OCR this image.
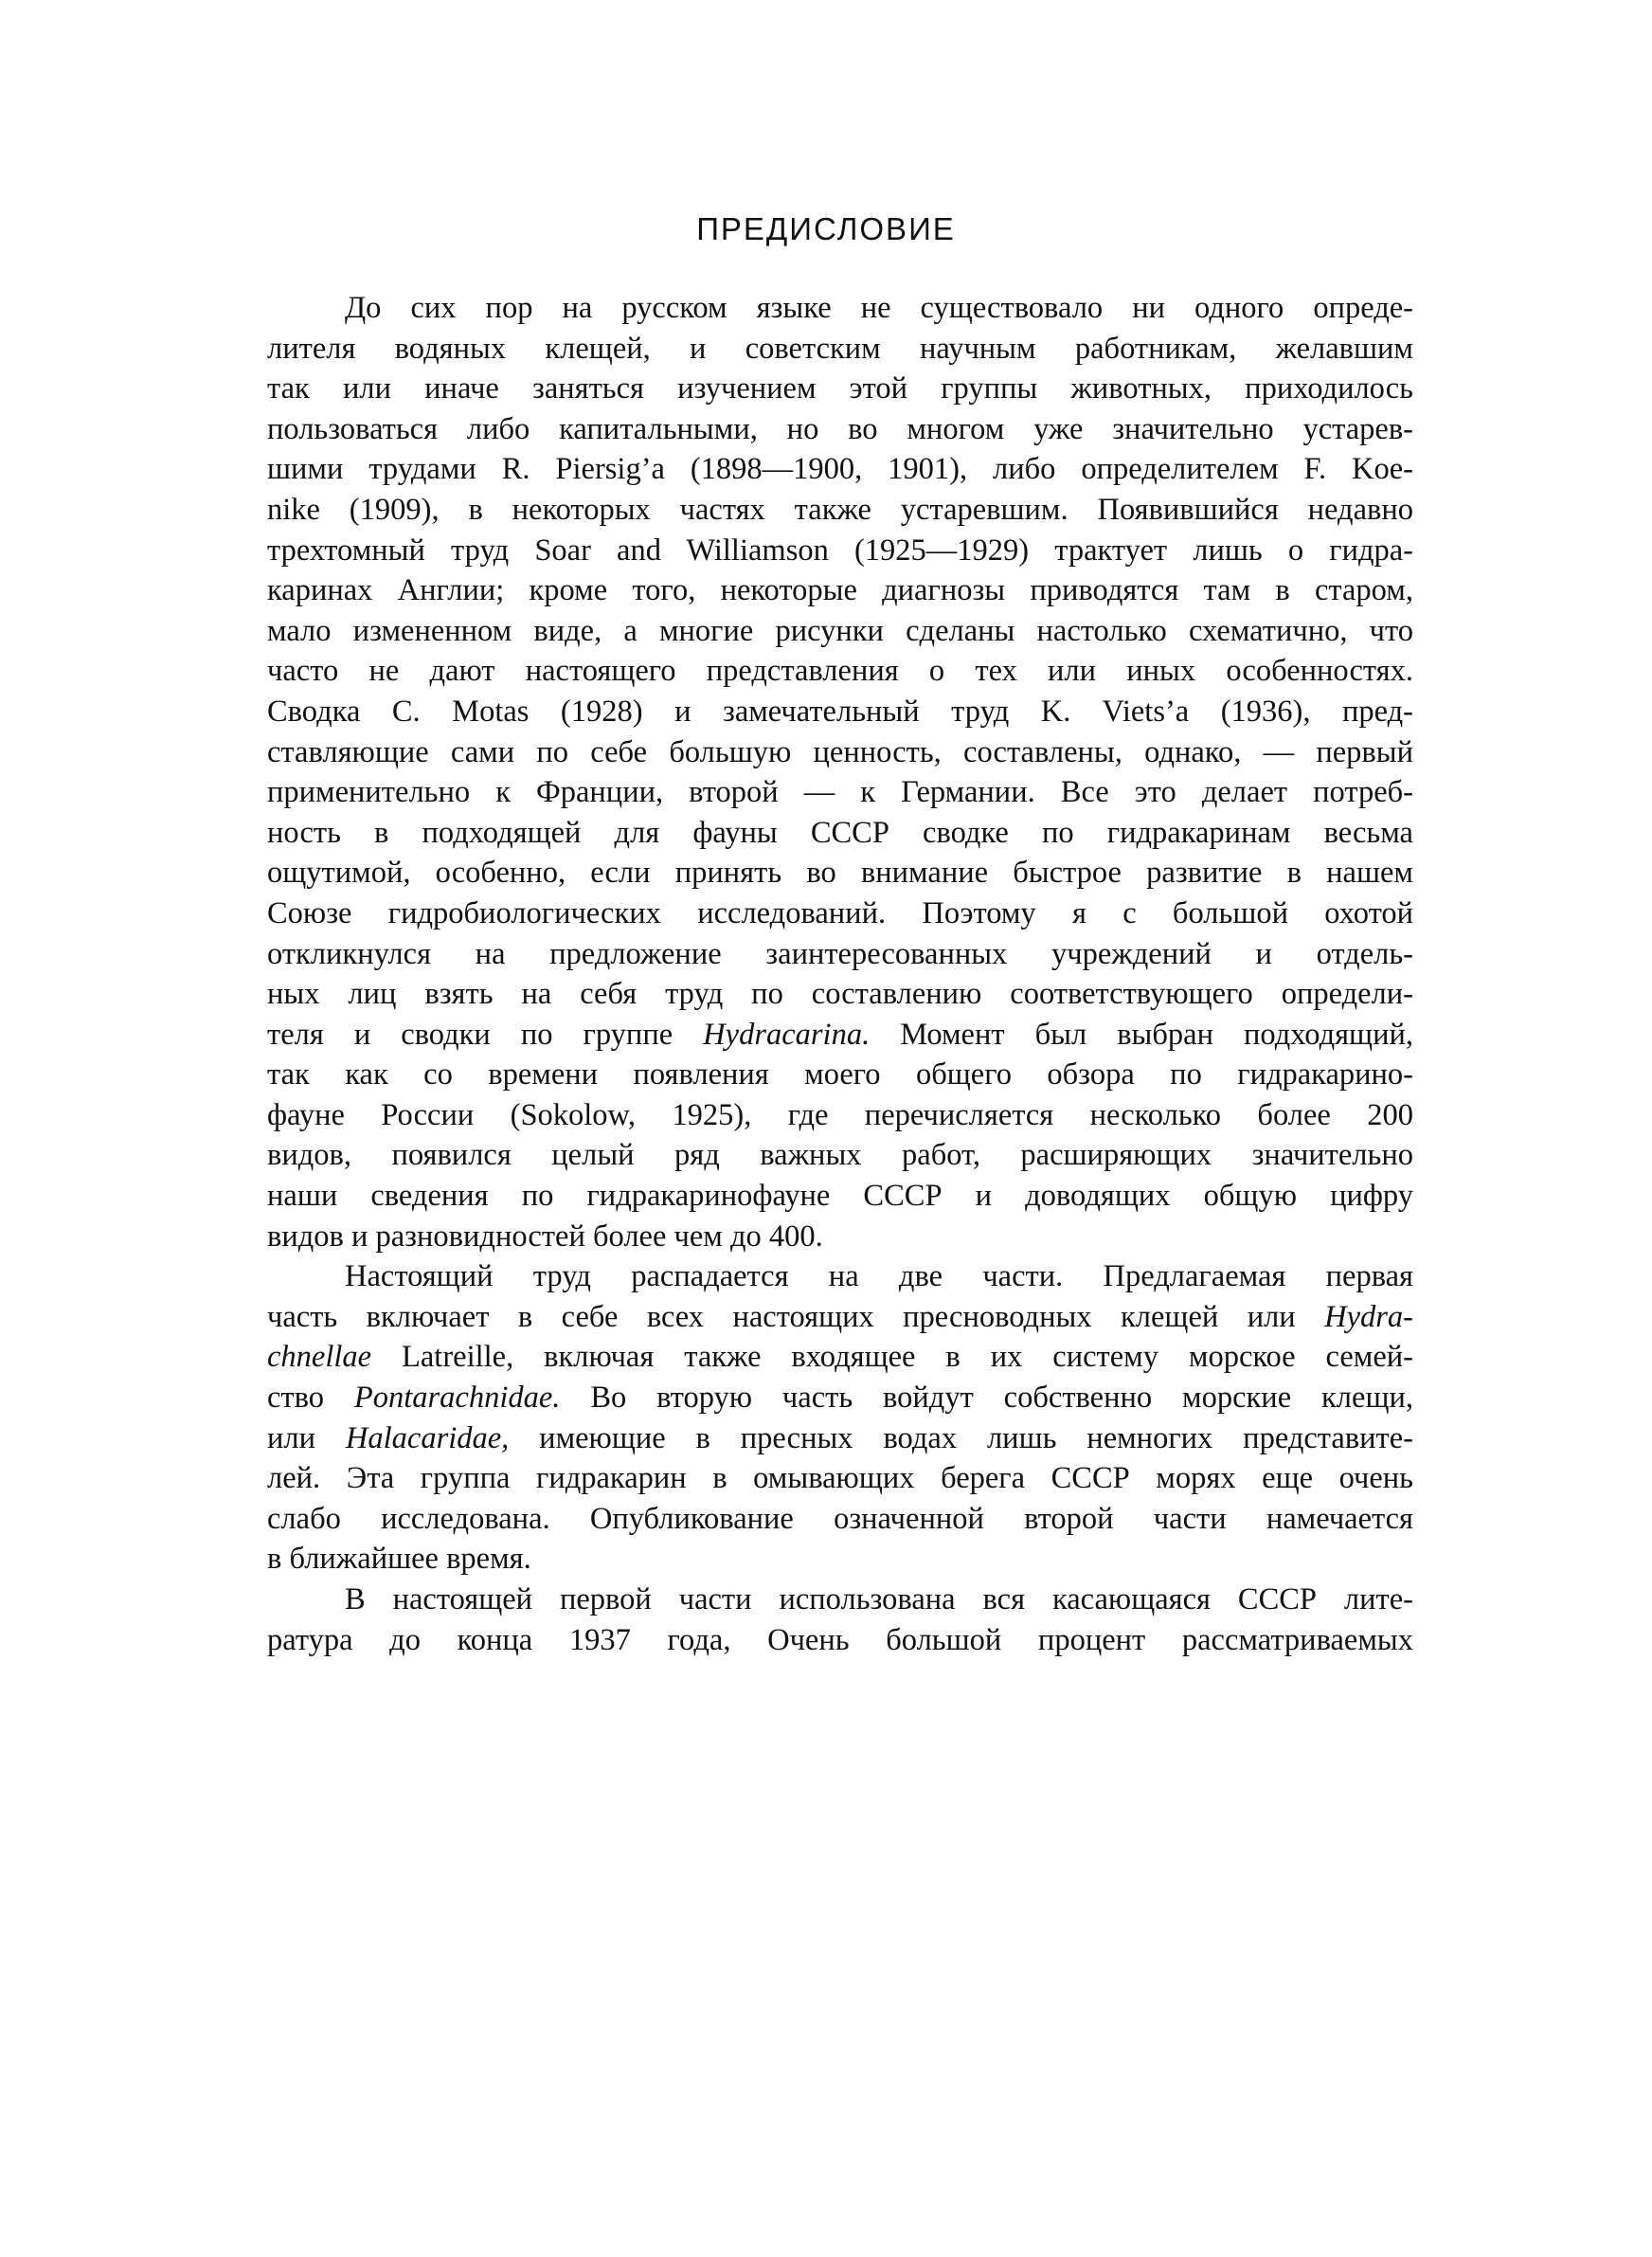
ПРЕДИСЛОВИЕ

До сих пор на русском языке не существовало ни одного опреде-
лителя водяных клещей, и советским научным работникам, желавшим
так или иначе заняться изучением этой группы животных, приходилось
пользоваться либо капитальными, но во многом уже значительно устарев-
шими трудами R. Piersig’a (1898—1900, 1901), либо определителем F. Koe-
nike (1909), в некоторых частях также устаревшим. Появившийся недавно
трехтомный труд Soar and Williamson (1925—1929) трактует лишь о гидра-
каринах Англии; кроме того, некоторые диагнозы приводятся там в старом,
мало измененном виде, а многие рисунки сделаны настолько схематично, что
часто не дают настоящего представления о тех или иных особенностях.
Сводка С. Motas (1928) и замечательный труд K. Viets’a (1936), пред-
ставляющие сами по себе большую ценность, составлены, однако, — первый
применительно к Франции, второй — к Германии. Все это делает потреб-
ность в подходящей для фауны СССР сводке по гидракаринам весьма
ощутимой, особенно, если принять во внимание быстрое развитие в нашем
Союзе гидробиологических исследований. Поэтому я с большой охотой
откликнулся на предложение заинтересованных учреждений и отдель-
ных лиц взять на себя труд по составлению соответствующего определи-
теля и сводки по группе Hydracarina. Момент был выбран подходящий,
так как со времени появления моего общего обзора по гидракарино-
фауне России (Sokolow, 1925), где перечисляется несколько более 200
видов, появился целый ряд важных работ, расширяющих значительно
наши сведения по гидракаринофауне СССР и доводящих общую цифру
видов и разновидностей более чем до 400.

Настоящий труд распадается на две части. Предлагаемая первая
часть включает в себе всех настоящих пресноводных клещей или Hydra-
chnellae Latreille, включая также входящее в их систему морское семей-
ство Pontarachnidae. Во вторую часть войдут собственно морские клещи,
или Halacaridae, имеющие в пресных водах лишь немногих представите-
лей. Эта группа гидракарин в омывающих берега СССР морях еще очень
слабо исследована. Опубликование означенной второй части намечается
в ближайшее время.

В настоящей первой части использована вся касающаяся СССР лите-
ратура до конца 1937 года, Очень большой процент рассматриваемых
